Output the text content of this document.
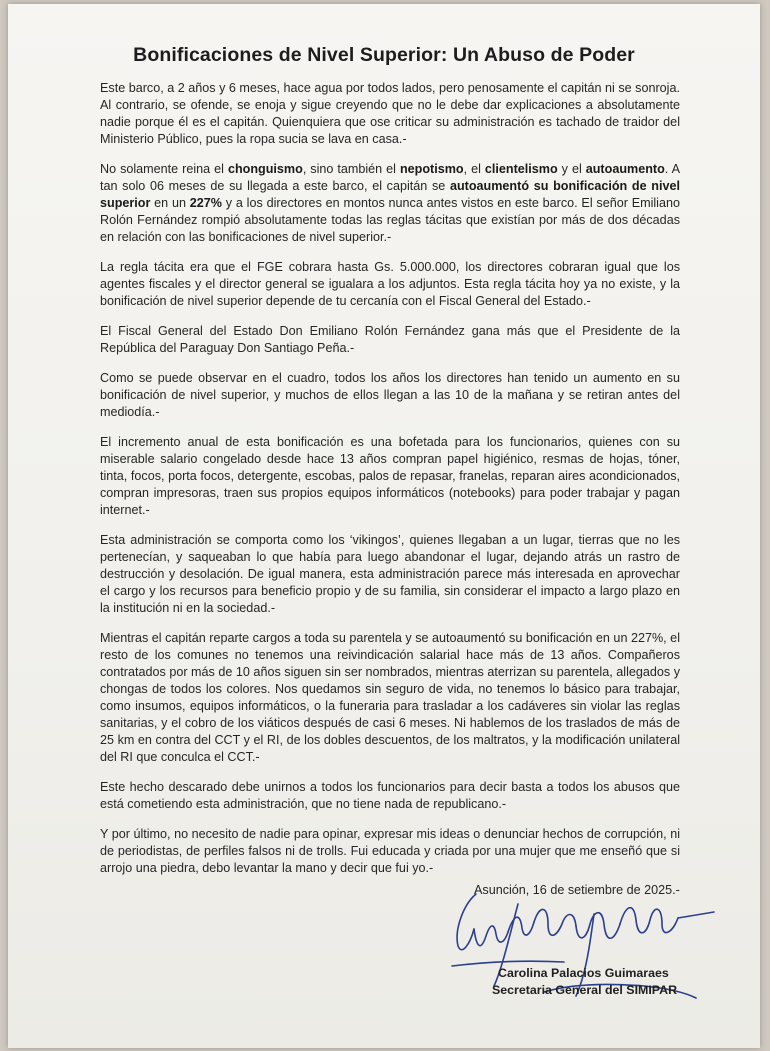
Bonificaciones de Nivel Superior: Un Abuso de Poder

Este barco, a 2 años y 6 meses, hace agua por todos lados, pero penosamente el capitán ni se sonroja. Al contrario, se ofende, se enoja y sigue creyendo que no le debe dar explicaciones a absolutamente nadie porque él es el capitán. Quienquiera que ose criticar su administración es tachado de traidor del Ministerio Público, pues la ropa sucia se lava en casa.-

No solamente reina el chonguismo, sino también el nepotismo, el clientelismo y el autoaumento. A tan solo 06 meses de su llegada a este barco, el capitán se autoaumentó su bonificación de nivel superior en un 227% y a los directores en montos nunca antes vistos en este barco. El señor Emiliano Rolón Fernández rompió absolutamente todas las reglas tácitas que existían por más de dos décadas en relación con las bonificaciones de nivel superior.-

La regla tácita era que el FGE cobrara hasta Gs. 5.000.000, los directores cobraran igual que los agentes fiscales y el director general se igualara a los adjuntos. Esta regla tácita hoy ya no existe, y la bonificación de nivel superior depende de tu cercanía con el Fiscal General del Estado.-

El Fiscal General del Estado Don Emiliano Rolón Fernández gana más que el Presidente de la República del Paraguay Don Santiago Peña.-

Como se puede observar en el cuadro, todos los años los directores han tenido un aumento en su bonificación de nivel superior, y muchos de ellos llegan a las 10 de la mañana y se retiran antes del mediodía.-

El incremento anual de esta bonificación es una bofetada para los funcionarios, quienes con su miserable salario congelado desde hace 13 años compran papel higiénico, resmas de hojas, tóner, tinta, focos, porta focos, detergente, escobas, palos de repasar, franelas, reparan aires acondicionados, compran impresoras, traen sus propios equipos informáticos (notebooks) para poder trabajar y pagan internet.-

Esta administración se comporta como los ‘vikingos’, quienes llegaban a un lugar, tierras que no les pertenecían, y saqueaban lo que había para luego abandonar el lugar, dejando atrás un rastro de destrucción y desolación. De igual manera, esta administración parece más interesada en aprovechar el cargo y los recursos para beneficio propio y de su familia, sin considerar el impacto a largo plazo en la institución ni en la sociedad.-

Mientras el capitán reparte cargos a toda su parentela y se autoaumentó su bonificación en un 227%, el resto de los comunes no tenemos una reivindicación salarial hace más de 13 años. Compañeros contratados por más de 10 años siguen sin ser nombrados, mientras aterrizan su parentela, allegados y chongas de todos los colores. Nos quedamos sin seguro de vida, no tenemos lo básico para trabajar, como insumos, equipos informáticos, o la funeraria para trasladar a los cadáveres sin violar las reglas sanitarias, y el cobro de los viáticos después de casi 6 meses. Ni hablemos de los traslados de más de 25 km en contra del CCT y el RI, de los dobles descuentos, de los maltratos, y la modificación unilateral del RI que conculca el CCT.-

Este hecho descarado debe unirnos a todos los funcionarios para decir basta a todos los abusos que está cometiendo esta administración, que no tiene nada de republicano.-

Y por último, no necesito de nadie para opinar, expresar mis ideas o denunciar hechos de corrupción, ni de periodistas, de perfiles falsos ni de trolls. Fui educada y criada por una mujer que me enseñó que si arrojo una piedra, debo levantar la mano y decir que fui yo.-

Asunción, 16 de setiembre de 2025.-
Carolina Palacios Guimaraes
Secretaria General del SIMIPAR
